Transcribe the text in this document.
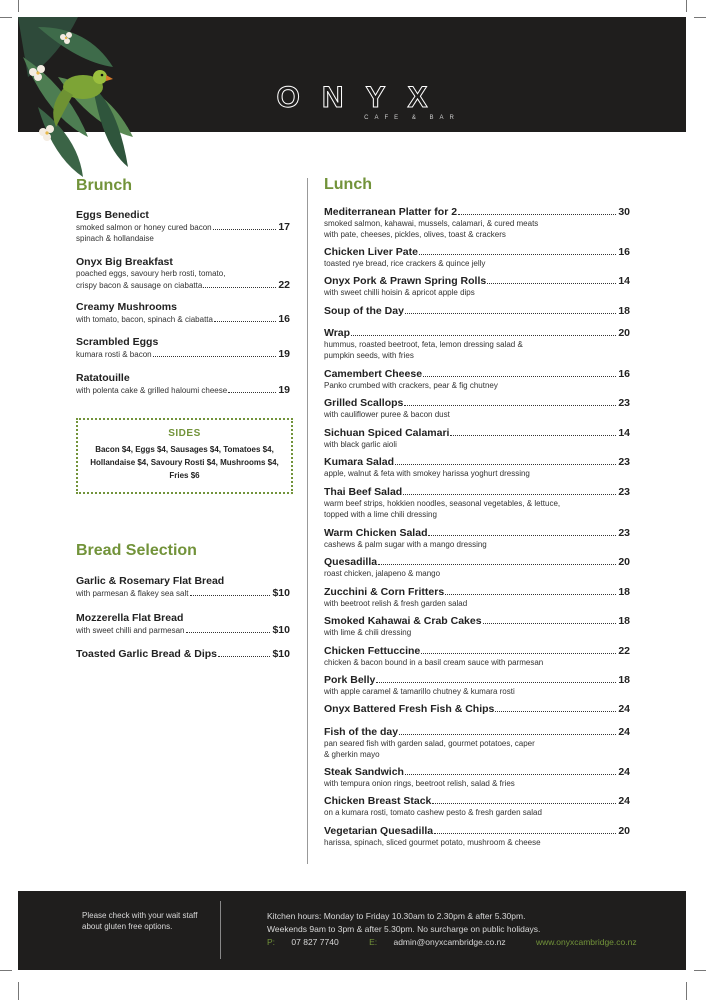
ONYX
CAFE & BAR
Brunch
Eggs Benedict
smoked salmon or honey cured bacon	17
spinach & hollandaise
Onyx Big Breakfast
poached eggs, savoury herb rosti, tomato,
crispy bacon & sausage on ciabatta	22
Creamy Mushrooms
with tomato, bacon, spinach & ciabatta	16
Scrambled Eggs
kumara rosti & bacon	19
Ratatouille
with polenta cake & grilled haloumi cheese	19
SIDES
Bacon $4, Eggs $4, Sausages $4, Tomatoes $4, Hollandaise $4, Savoury Rosti $4, Mushrooms $4, Fries $6
Bread Selection
Garlic & Rosemary Flat Bread
with parmesan & flakey sea salt	$10
Mozzerella Flat Bread
with sweet chilli and parmesan	$10
Toasted Garlic Bread & Dips	$10
Lunch
Mediterranean Platter for 2	30
smoked salmon, kahawai, mussels, calamari, & cured meats
with pate, cheeses, pickles, olives, toast & crackers
Chicken Liver Pate	16
toasted rye bread, rice crackers & quince jelly
Onyx Pork & Prawn Spring Rolls	14
with sweet chilli hoisin & apricot apple dips
Soup of the Day	18
Wrap	20
hummus, roasted beetroot, feta, lemon dressing salad &
pumpkin seeds, with fries
Camembert Cheese	16
Panko crumbed with crackers, pear & fig chutney
Grilled Scallops	23
with cauliflower puree & bacon dust
Sichuan Spiced Calamari	14
with black garlic aioli
Kumara Salad	23
apple, walnut & feta with smokey harissa yoghurt dressing
Thai Beef Salad	23
warm beef strips, hokkien noodles, seasonal vegetables, & lettuce,
topped with a lime chili dressing
Warm Chicken Salad	23
cashews & palm sugar with a mango dressing
Quesadilla	20
roast chicken, jalapeno & mango
Zucchini & Corn Fritters	18
with beetroot relish & fresh garden salad
Smoked Kahawai & Crab Cakes	18
with lime & chili dressing
Chicken Fettuccine	22
chicken & bacon bound in a basil cream sauce with parmesan
Pork Belly	18
with apple caramel & tamarillo chutney & kumara rosti
Onyx Battered Fresh Fish & Chips	24
Fish of the day	24
pan seared fish with garden salad, gourmet potatoes, caper
& gherkin mayo
Steak Sandwich	24
with tempura onion rings, beetroot relish, salad & fries
Chicken Breast Stack	24
on a kumara rosti, tomato cashew pesto & fresh garden salad
Vegetarian Quesadilla	20
harissa, spinach, sliced gourmet potato, mushroom & cheese
Please check with your wait staff about gluten free options.
Kitchen hours: Monday to Friday 10.30am to 2.30pm & after 5.30pm.
Weekends 9am to 3pm & after 5.30pm. No surcharge on public holidays.
P: 07 827 7740	E: admin@onyxcambridge.co.nz	www.onyxcambridge.co.nz
